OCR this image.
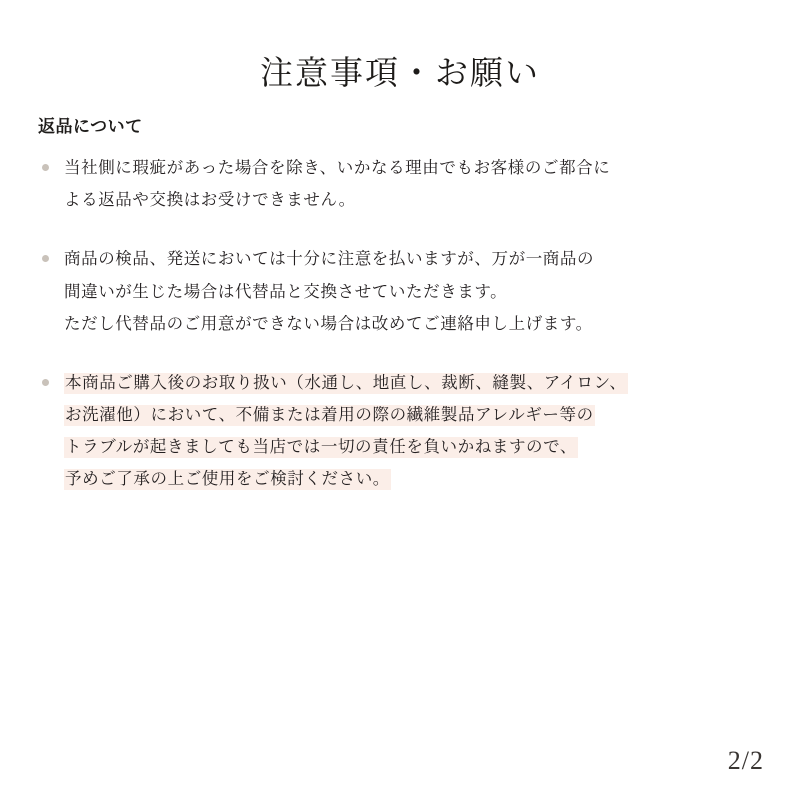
注意事項・お願い
返品について
当社側に瑕疵があった場合を除き、いかなる理由でもお客様のご都合に
よる返品や交換はお受けできません。
商品の検品、発送においては十分に注意を払いますが、万が一商品の
間違いが生じた場合は代替品と交換させていただきます。
ただし代替品のご用意ができない場合は改めてご連絡申し上げます。
本商品ご購入後のお取り扱い（水通し、地直し、裁断、縫製、アイロン、
お洗濯他）において、不備または着用の際の繊維製品アレルギー等の
トラブルが起きましても当店では一切の責任を負いかねますので、
予めご了承の上ご使用をご検討ください。
2/2
